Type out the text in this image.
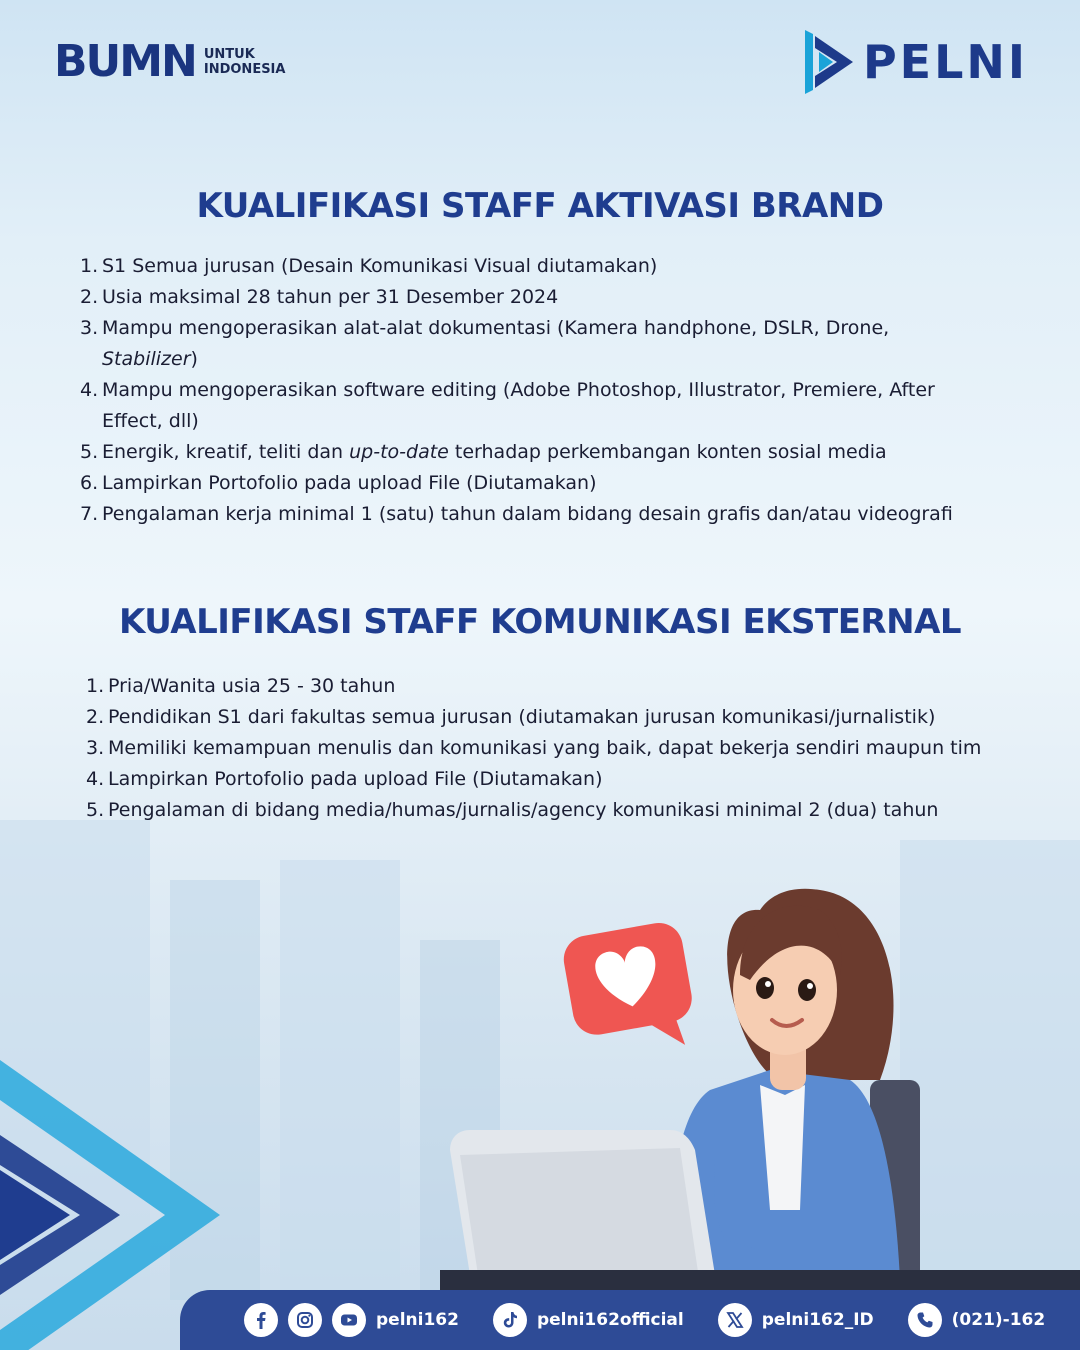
BUMN UNTUK
INDONESIA	PELNI
KUALIFIKASI STAFF AKTIVASI BRAND
1. S1 Semua jurusan (Desain Komunikasi Visual diutamakan)
2. Usia maksimal 28 tahun per 31 Desember 2024
3. Mampu mengoperasikan alat-alat dokumentasi (Kamera handphone, DSLR, Drone, Stabilizer)
4. Mampu mengoperasikan software editing (Adobe Photoshop, Illustrator, Premiere, After Effect, dll)
5. Energik, kreatif, teliti dan up-to-date terhadap perkembangan konten sosial media
6. Lampirkan Portofolio pada upload File (Diutamakan)
7. Pengalaman kerja minimal 1 (satu) tahun dalam bidang desain grafis dan/atau videografi
KUALIFIKASI STAFF KOMUNIKASI EKSTERNAL
1. Pria/Wanita usia 25 - 30 tahun
2. Pendidikan S1 dari fakultas semua jurusan (diutamakan jurusan komunikasi/jurnalistik)
3. Memiliki kemampuan menulis dan komunikasi yang baik, dapat bekerja sendiri maupun tim
4. Lampirkan Portofolio pada upload File (Diutamakan)
5. Pengalaman di bidang media/humas/jurnalis/agency komunikasi minimal 2 (dua) tahun
pelni162	pelni162official	pelni162_ID	(021)-162
